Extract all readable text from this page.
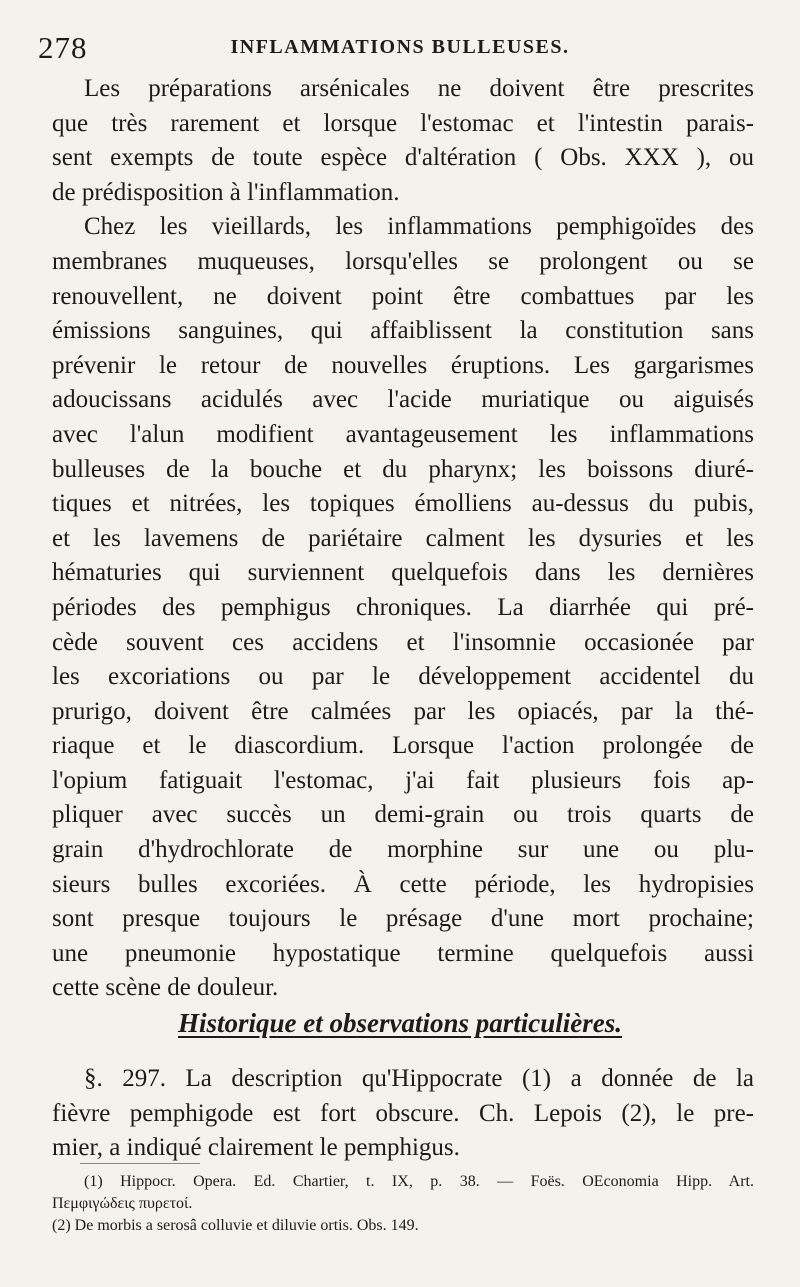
278	INFLAMMATIONS BULLEUSES.
Les préparations arsénicales ne doivent être prescrites
que très rarement et lorsque l'estomac et l'intestin parais-
sent exempts de toute espèce d'altération ( Obs. XXX ), ou
de prédisposition à l'inflammation.
Chez les vieillards, les inflammations pemphigoïdes des
membranes muqueuses, lorsqu'elles se prolongent ou se
renouvellent, ne doivent point être combattues par les
émissions sanguines, qui affaiblissent la constitution sans
prévenir le retour de nouvelles éruptions. Les gargarismes
adoucissans acidulés avec l'acide muriatique ou aiguisés
avec l'alun modifient avantageusement les inflammations
bulleuses de la bouche et du pharynx; les boissons diuré-
tiques et nitrées, les topiques émolliens au-dessus du pubis,
et les lavemens de pariétaire calment les dysuries et les
hématuries qui surviennent quelquefois dans les dernières
périodes des pemphigus chroniques. La diarrhée qui pré-
cède souvent ces accidens et l'insomnie occasionée par
les excoriations ou par le développement accidentel du
prurigo, doivent être calmées par les opiacés, par la thé-
riaque et le diascordium. Lorsque l'action prolongée de
l'opium fatiguait l'estomac, j'ai fait plusieurs fois ap-
pliquer avec succès un demi-grain ou trois quarts de
grain d'hydrochlorate de morphine sur une ou plu-
sieurs bulles excoriées. À cette période, les hydropisies
sont presque toujours le présage d'une mort prochaine;
une pneumonie hypostatique termine quelquefois aussi
cette scène de douleur.
Historique et observations particulières.
§. 297. La description qu'Hippocrate (1) a donnée de la
fièvre pemphigode est fort obscure. Ch. Lepois (2), le pre-
mier, a indiqué clairement le pemphigus.
(1) Hippocr. Opera. Ed. Chartier, t. IX, p. 38. — Foës. OEconomia Hipp. Art.
Πεμφιγώδεις πυρετοί.
(2) De morbis a serosâ colluvie et diluvie ortis. Obs. 149.
